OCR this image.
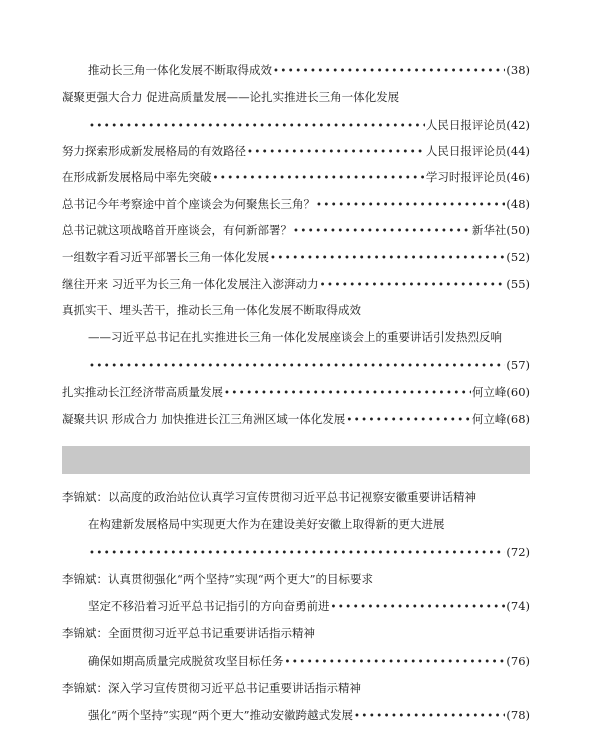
推动长三角一体化发展不断取得成效 •••••	(38)
凝聚更强大合力 促进高质量发展——论扎实推进长三角一体化发展
•••••
人民日报评论员 (42)
努力探索形成新发展格局的有效路径 •••••	人民日报评论员 (44)
在形成新发展格局中率先突破 •••••	学习时报评论员 (46)
总书记今年考察途中首个座谈会为何聚焦长三角？ •••••	(48)
总书记就这项战略首开座谈会，有何新部署？ •••••	新华社 (50)
一组数字看习近平部署长三角一体化发展 •••••	(52)
继往开来 习近平为长三角一体化发展注入澎湃动力 •••••	(55)
真抓实干、埋头苦干，推动长三角一体化发展不断取得成效
——习近平总书记在扎实推进长三角一体化发展座谈会上的重要讲话引发热烈反响
•••••
(57)
扎实推动长江经济带高质量发展 •••••	何立峰 (60)
凝聚共识 形成合力 加快推进长江三角洲区域一体化发展 •••••	何立峰 (68)
李锦斌：以高度的政治站位认真学习宣传贯彻习近平总书记视察安徽重要讲话精神
在构建新发展格局中实现更大作为在建设美好安徽上取得新的更大进展
•••••
(72)
李锦斌：认真贯彻强化“两个坚持”实现“两个更大”的目标要求
坚定不移沿着习近平总书记指引的方向奋勇前进 •••••	(74)
李锦斌：全面贯彻习近平总书记重要讲话指示精神
确保如期高质量完成脱贫攻坚目标任务 •••••	(76)
李锦斌：深入学习宣传贯彻习近平总书记重要讲话指示精神
强化“两个坚持”实现“两个更大”推动安徽跨越式发展 •••••	(78)
